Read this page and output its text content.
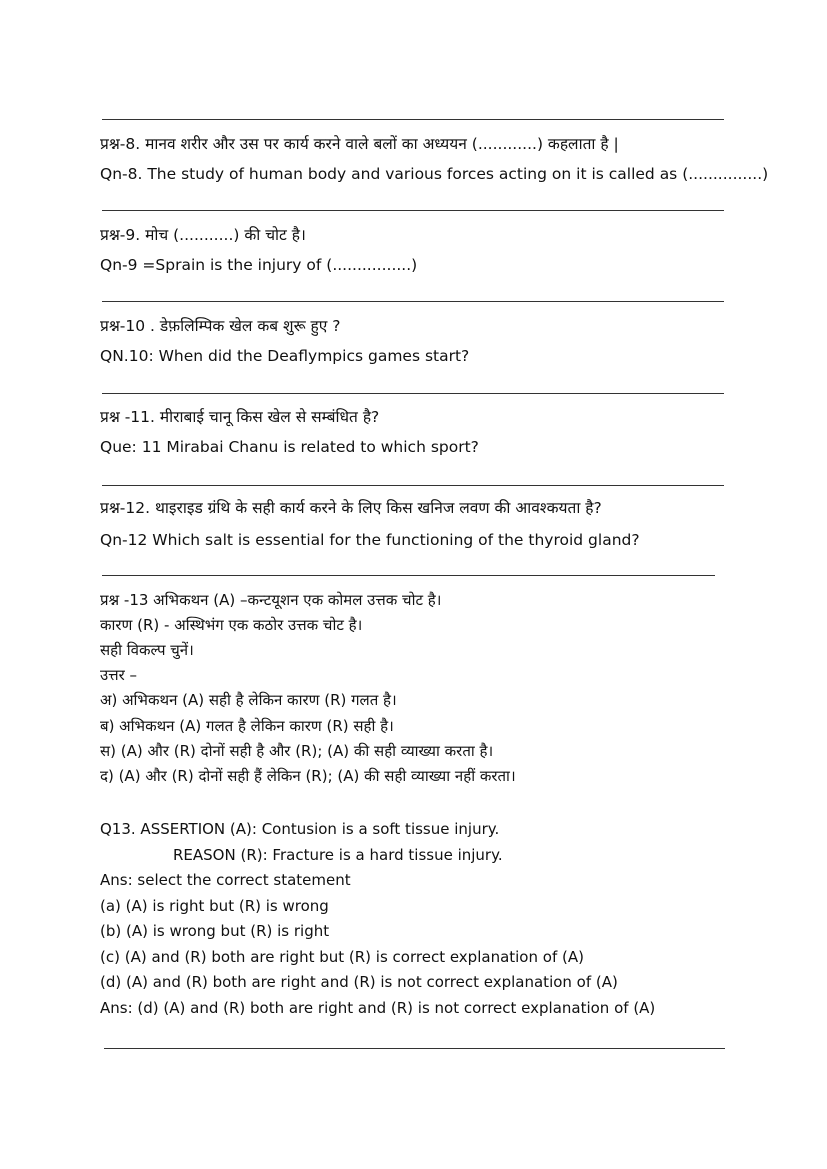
प्रश्न-8. मानव शरीर और उस पर कार्य करने वाले बलों का अध्ययन (............) कहलाता है |
Qn-8. The study of human body and various forces acting on it is called as (...............)
प्रश्न-9. मोच (...........) की चोट है।
Qn-9 =Sprain is the injury of (................)
प्रश्न-10 . डेफ़लिम्पिक खेल कब शुरू हुए ?
QN.10: When did the Deaflympics games start?
प्रश्न -11. मीराबाई चानू किस खेल से सम्बंधित है?
Que: 11 Mirabai Chanu is related to which sport?
प्रश्न-12. थाइराइड ग्रंथि के सही कार्य करने के लिए किस खनिज लवण की आवश्कयता है?
Qn-12 Which salt is essential for the functioning of the thyroid gland?
प्रश्न -13 अभिकथन (A) –कन्टयूशन एक कोमल उत्तक चोट है।
कारण (R) - अस्थिभंग एक कठोर उत्तक चोट है।
सही विकल्प चुनें।
उत्तर –
अ) अभिकथन (A) सही है लेकिन कारण (R) गलत है।
ब) अभिकथन (A) गलत है लेकिन कारण (R) सही है।
स) (A) और (R) दोनों सही है और (R); (A) की सही व्याख्या करता है।
द) (A) और (R) दोनों सही हैं लेकिन (R); (A) की सही व्याख्या नहीं करता।
Q13. ASSERTION (A): Contusion is a soft tissue injury.
REASON (R): Fracture is a hard tissue injury.
Ans: select the correct statement
(a) (A) is right but (R) is wrong
(b) (A) is wrong but (R) is right
(c) (A) and (R) both are right but (R) is correct explanation of (A)
(d) (A) and (R) both are right and (R) is not correct explanation of (A)
Ans: (d) (A) and (R) both are right and (R) is not correct explanation of (A)
